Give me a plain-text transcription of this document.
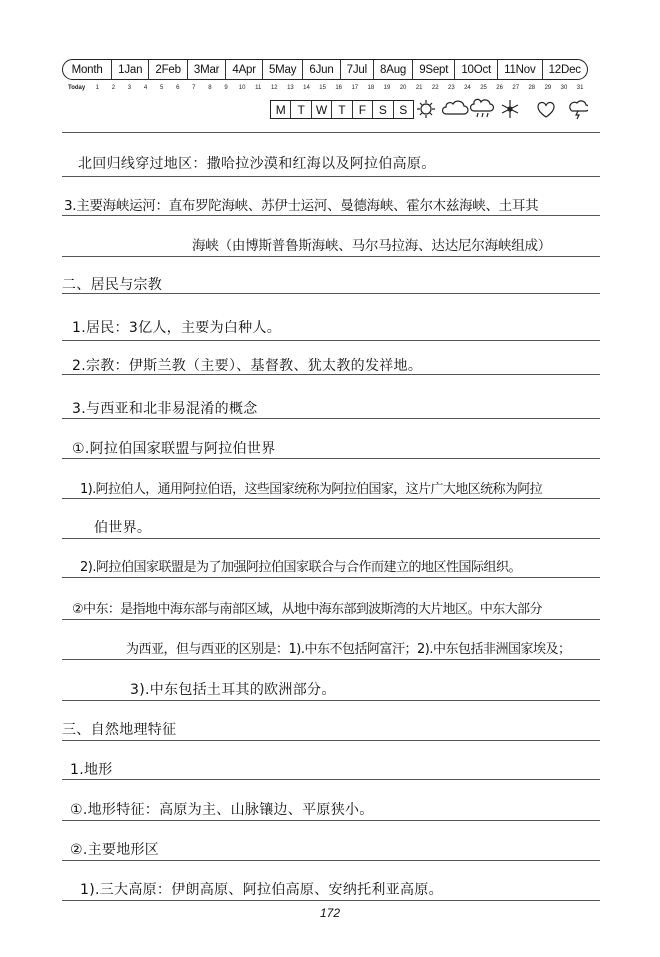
Month	1Jan	2Feb	3Mar	4Apr	5May	6Jun	7Jul	8Aug	9Sept	10Oct	11Nov	12Dec
Today	1	2	3	4	5	6	7	8	9	10	11	12	13	14	15	16	17	18	19	20	21	22	23	24	25	26	27	28	29	30	31
M T W T	F	S	S
北回归线穿过地区：撒哈拉沙漠和红海以及阿拉伯高原。
3.主要海峡运河：直布罗陀海峡、苏伊士运河、曼德海峡、霍尔木兹海峡、土耳其
海峡（由博斯普鲁斯海峡、马尔马拉海、达达尼尔海峡组成）
二、居民与宗教
1.居民：3亿人，主要为白种人。
2.宗教：伊斯兰教（主要）、基督教、犹太教的发祥地。
3.与西亚和北非易混淆的概念
①.阿拉伯国家联盟与阿拉伯世界
1).阿拉伯人，通用阿拉伯语，这些国家统称为阿拉伯国家，这片广大地区统称为阿拉
伯世界。
2).阿拉伯国家联盟是为了加强阿拉伯国家联合与合作而建立的地区性国际组织。
②中东：是指地中海东部与南部区域，从地中海东部到波斯湾的大片地区。中东大部分
为西亚，但与西亚的区别是：1).中东不包括阿富汗；2).中东包括非洲国家埃及；
3).中东包括土耳其的欧洲部分。
三、自然地理特征
1.地形
①.地形特征：高原为主、山脉镶边、平原狭小。
②.主要地形区
1).三大高原：伊朗高原、阿拉伯高原、安纳托利亚高原。
172
